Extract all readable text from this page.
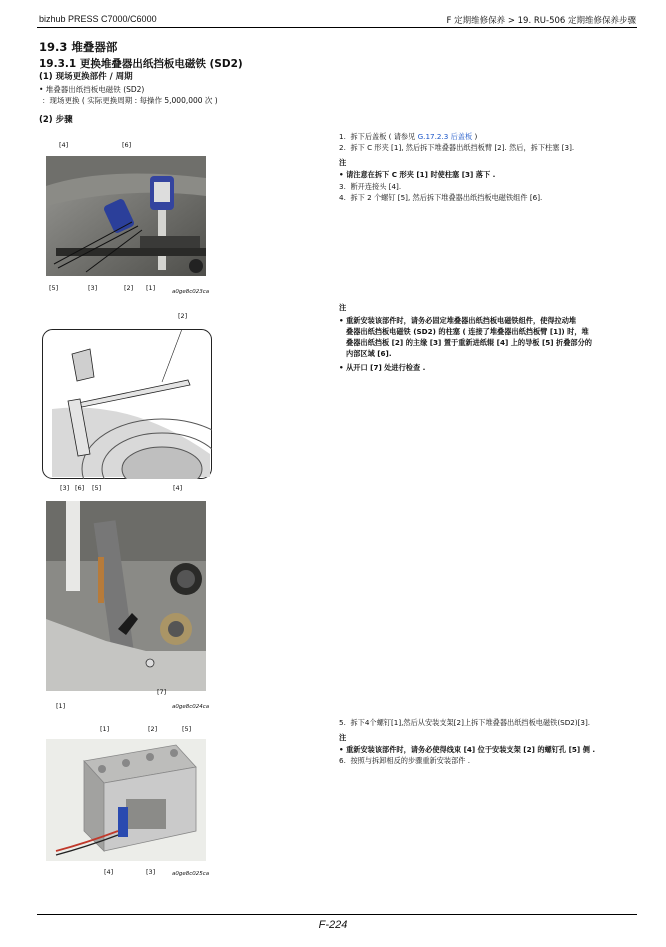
bizhub PRESS C7000/C6000	F 定期维修保养 > 19. RU-506 定期维修保养步骤
19.3 堆叠器部
19.3.1 更换堆叠器出纸挡板电磁铁 (SD2)
(1) 现场更换部件 / 周期
• 堆叠器出纸挡板电磁铁 (SD2)
：现场更换 ( 实际更换周期 : 每操作 5,000,000 次 )
(2) 步骤
1. 拆下后盖板 ( 请参见 G.17.2.3 后盖板 )
2. 拆下 C 形夹 [1], 然后拆下堆叠器出纸挡板臂 [2]. 然后，拆下柱塞 [3].
注
• 请注意在拆下 C 形夹 [1] 时使柱塞 [3] 落下 .
3. 断开连接头 [4].
4. 拆下 2 个螺钉 [5], 然后拆下堆叠器出纸挡板电磁铁组件 [6].
注
• 重新安装该部件时，请务必固定堆叠器出纸挡板电磁铁组件，使得拉动堆
叠器出纸挡板电磁铁 (SD2) 的柱塞 ( 连接了堆叠器出纸挡板臂 [1]) 时，堆
叠器出纸挡板 [2] 的主缘 [3] 置于重新进纸辊 [4] 上的导板 [5] 折叠部分的
内部区域 [6].
• 从开口 [7] 处进行检查 .
5. 拆下4个螺钉[1],然后从安装支架[2]上拆下堆叠器出纸挡板电磁铁(SD2)[3].
注
• 重新安装该部件时，请务必使得线束 [4] 位于安装支架 [2] 的螺钉孔 [5] 侧 .
6. 按照与拆卸相反的步骤重新安装部件 .
[4]	[6]
[5]	[3]	[2] [1]	a0ge8c023ca
[2]
[3] [6] [5]	[4]
[1]
[7]
a0ge8c024ca
[1]	[2]	[5]
[4]	[3]	a0ge8c025ca
F-224
